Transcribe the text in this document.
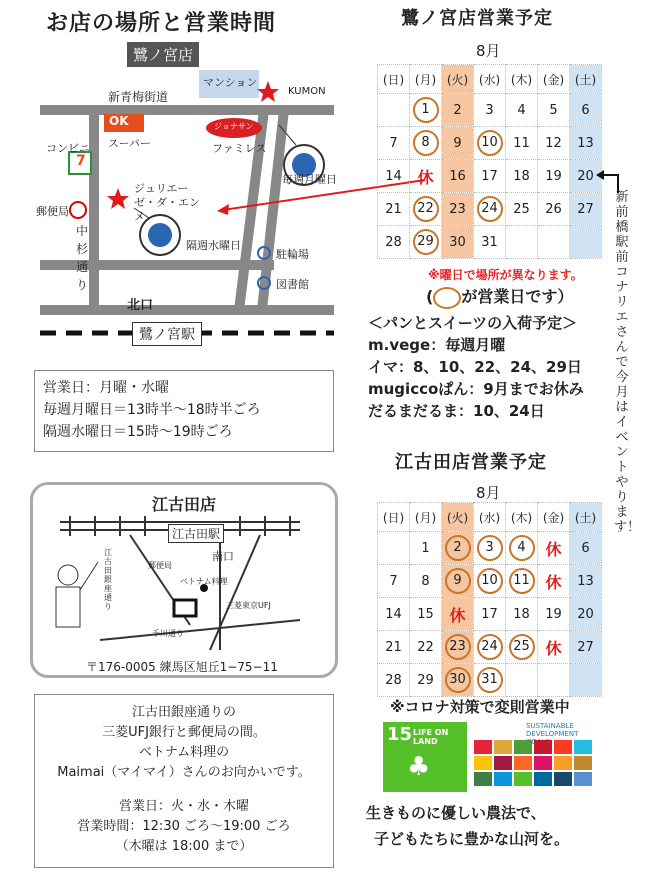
お店の場所と営業時間
鷺ノ宮店
マンション
KUMON
新青梅街道
OK
スーパー
ジョナサン
ファミレス
コンビニ
7
郵便局
中杉通り
ジュリエーゼ・ダ・エンメ
毎週月曜日
隔週水曜日
駐輪場
図書館
北口
鷺ノ宮駅
営業日：月曜・水曜
毎週月曜日＝13時半〜18時半ごろ
隔週水曜日＝15時〜19時ごろ
鷺ノ宮店営業予定
8月
(日)	(月)	(火)	(水)	(木)	(金)	(土)
	1	2	3	4	5	6
7	8	9	10	11	12	13
14	休	16	17	18	19	20
21	22	23	24	25	26	27
28	29	30	31			
※曜日で場所が異なります。
( が営業日です）
新前橋駅前コナリエさんで今月はイベントやります！
＜パンとスイーツの入荷予定＞
m.vege：毎週月曜
イマ：8、10、22、24、29日
mugiccoぱん：9月までお休み
だるまだるま：10、24日
江古田店営業予定
8月
(日)	(月)	(火)	(水)	(木)	(金)	(土)
	1	2	3	4	休	6
7	8	9	10	11	休	13
14	15	休	17	18	19	20
21	22	23	24	25	休	27
28	29	30	31			
※コロナ対策で変則営業中
15 LIFE ON LAND
♣
SUSTAINABLE DEVELOPMENT
生きものに優しい農法で、
子どもたちに豊かな山河を。
江古田店
江古田駅
南口
郵便局
江古田銀座通り
ベトナム料理
三菱東京UFJ
千川通り
〒176-0005 練馬区旭丘1−75−11
江古田銀座通りの
三菱UFJ銀行と郵便局の間。
ベトナム料理の
Maimai（マイマイ）さんのお向かいです。
営業日：火・水・木曜
営業時間：12:30 ごろ〜19:00 ごろ
（木曜は 18:00 まで）
